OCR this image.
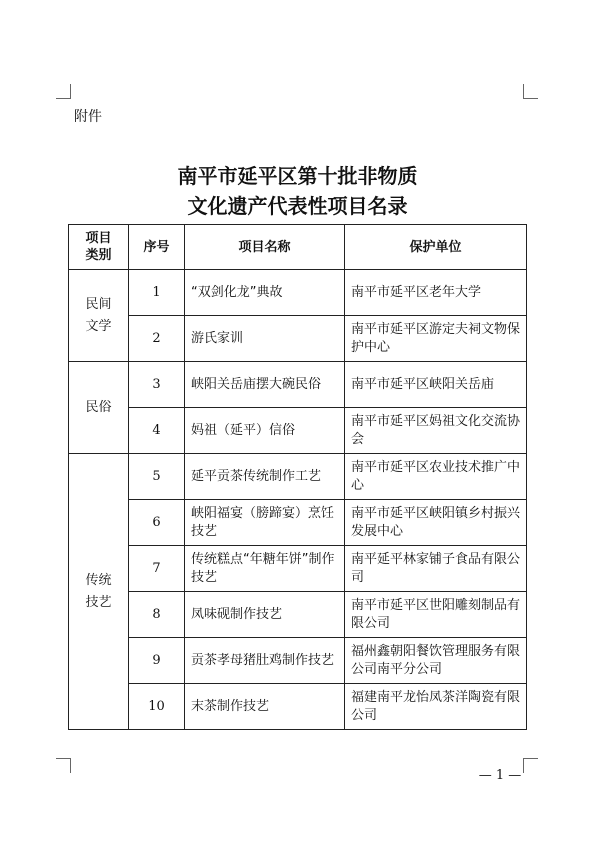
附件
南平市延平区第十批非物质
文化遗产代表性项目名录
项目类别	序号	项目名称	保护单位
民间文学	1	“双剑化龙”典故	南平市延平区老年大学
	2	游氏家训	南平市延平区游定夫祠文物保护中心
民俗	3	峡阳关岳庙摆大碗民俗	南平市延平区峡阳关岳庙
	4	妈祖（延平）信俗	南平市延平区妈祖文化交流协会
传统技艺	5	延平贡茶传统制作工艺	南平市延平区农业技术推广中心
	6	峡阳福宴（膀蹄宴）烹饪技艺	南平市延平区峡阳镇乡村振兴发展中心
	7	传统糕点“年糖年饼”制作技艺	南平延平林家铺子食品有限公司
	8	凤味砚制作技艺	南平市延平区世阳雕刻制品有限公司
	9	贡茶孝母猪肚鸡制作技艺	福州鑫朝阳餐饮管理服务有限公司南平分公司
	10	末茶制作技艺	福建南平龙怡凤茶洋陶瓷有限公司
— 1 —
